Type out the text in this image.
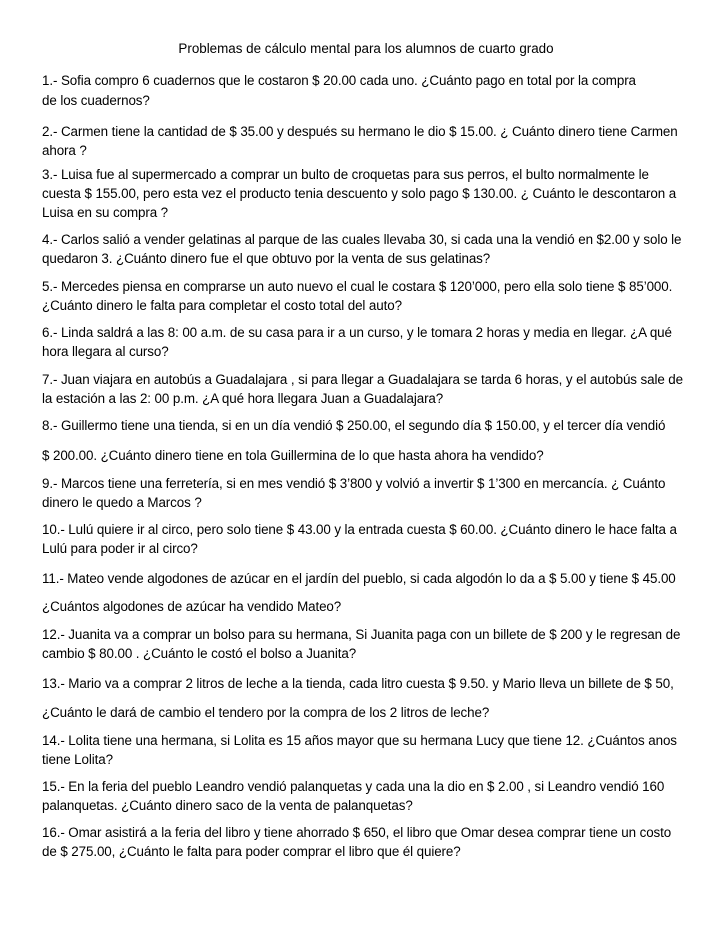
Problemas de cálculo mental para los alumnos de cuarto grado
1.- Sofia compro 6 cuadernos que le costaron $ 20.00 cada uno. ¿Cuánto pago en total por la compra
de los cuadernos?
2.- Carmen tiene la cantidad de $ 35.00 y después su hermano le dio $ 15.00. ¿ Cuánto dinero tiene Carmen
ahora ?
3.- Luisa fue al supermercado a comprar un bulto de croquetas para sus perros, el bulto normalmente le
cuesta $ 155.00, pero esta vez el producto tenia descuento y solo pago $ 130.00. ¿ Cuánto le descontaron a
Luisa en su compra ?
4.- Carlos salió a vender gelatinas al parque de las cuales llevaba 30, si cada una la vendió en $2.00 y solo le
quedaron 3. ¿Cuánto dinero fue el que obtuvo por la venta de sus gelatinas?
5.- Mercedes piensa en comprarse un auto nuevo el cual le costara $ 120’000, pero ella solo tiene $ 85’000.
¿Cuánto dinero le falta para completar el costo total del auto?
6.- Linda saldrá a las 8: 00 a.m. de su casa para ir a un curso, y le tomara 2 horas y media en llegar. ¿A qué
hora llegara al curso?
7.- Juan viajara en autobús a Guadalajara , si para llegar a Guadalajara se tarda 6 horas, y el autobús sale de
la estación a las 2: 00 p.m. ¿A qué hora llegara Juan a Guadalajara?
8.- Guillermo tiene una tienda, si en un día vendió $ 250.00, el segundo día $ 150.00, y el tercer día vendió
$ 200.00. ¿Cuánto dinero tiene en tola Guillermina de lo que hasta ahora ha vendido?
9.- Marcos tiene una ferretería, si en mes vendió $ 3’800 y volvió a invertir $ 1’300 en mercancía. ¿ Cuánto
dinero le quedo a Marcos ?
10.- Lulú quiere ir al circo, pero solo tiene $ 43.00 y la entrada cuesta $ 60.00. ¿Cuánto dinero le hace falta a
Lulú para poder ir al circo?
11.- Mateo vende algodones de azúcar en el jardín del pueblo, si cada algodón lo da a $ 5.00 y tiene $ 45.00
¿Cuántos algodones de azúcar ha vendido Mateo?
12.- Juanita va a comprar un bolso para su hermana, Si Juanita paga con un billete de $ 200 y le regresan de
cambio $ 80.00 . ¿Cuánto le costó el bolso a Juanita?
13.- Mario va a comprar 2 litros de leche a la tienda, cada litro cuesta $ 9.50. y Mario lleva un billete de $ 50,
¿Cuánto le dará de cambio el tendero por la compra de los 2 litros de leche?
14.- Lolita tiene una hermana, si Lolita es 15 años mayor que su hermana Lucy que tiene 12. ¿Cuántos anos
tiene Lolita?
15.- En la feria del pueblo Leandro vendió palanquetas y cada una la dio en $ 2.00 , si Leandro vendió 160
palanquetas. ¿Cuánto dinero saco de la venta de palanquetas?
16.- Omar asistirá a la feria del libro y tiene ahorrado $ 650, el libro que Omar desea comprar tiene un costo
de $ 275.00, ¿Cuánto le falta para poder comprar el libro que él quiere?
